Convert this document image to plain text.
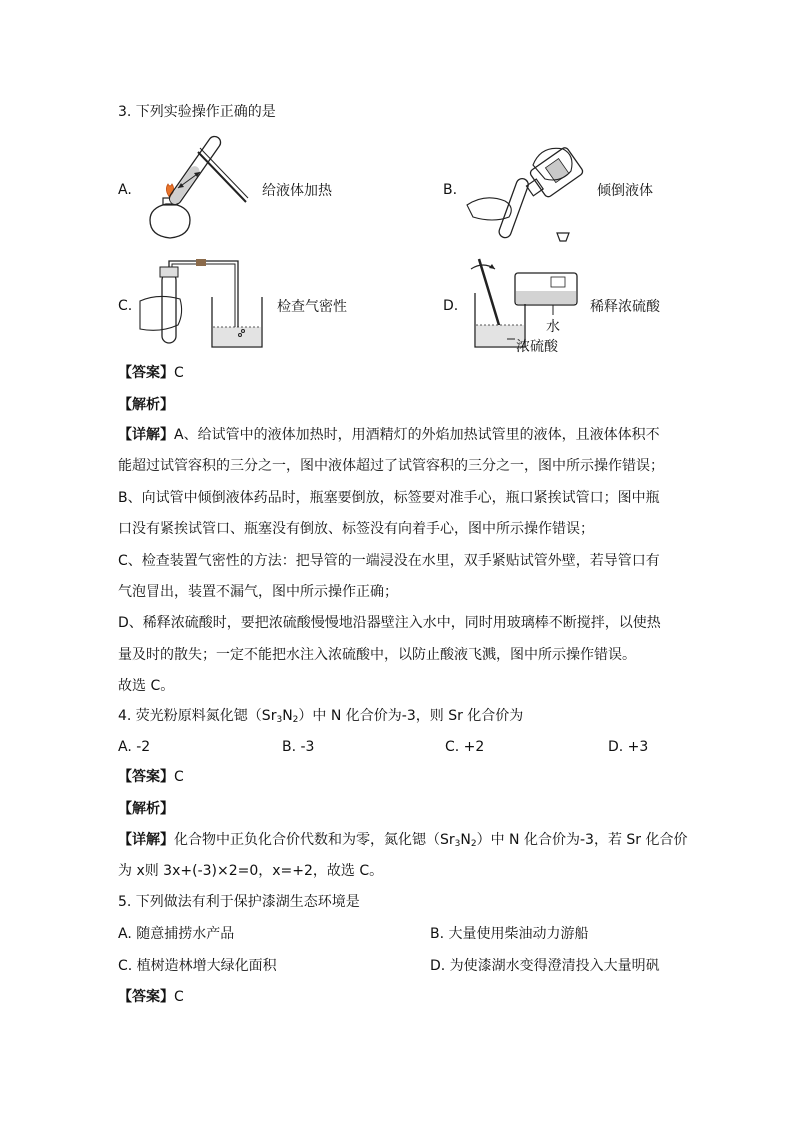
3. 下列实验操作正确的是
A.	给液体加热	B.	倾倒液体
C.	检查气密性	D.
水
浓硫酸
稀释浓硫酸
【答案】C
【解析】
【详解】A、给试管中的液体加热时，用酒精灯的外焰加热试管里的液体，且液体体积不
能超过试管容积的三分之一，图中液体超过了试管容积的三分之一，图中所示操作错误；
B、向试管中倾倒液体药品时，瓶塞要倒放，标签要对准手心，瓶口紧挨试管口；图中瓶
口没有紧挨试管口、瓶塞没有倒放、标签没有向着手心，图中所示操作错误；
C、检查装置气密性的方法：把导管的一端浸没在水里，双手紧贴试管外壁，若导管口有
气泡冒出，装置不漏气，图中所示操作正确；
D、稀释浓硫酸时，要把浓硫酸慢慢地沿器壁注入水中，同时用玻璃棒不断搅拌，以使热
量及时的散失；一定不能把水注入浓硫酸中，以防止酸液飞溅，图中所示操作错误。
故选 C。
4. 荧光粉原料氮化锶$(Sr_3N_2)$中 N 化合价为-3，则 Sr 化合价为
A. -2	B. -3	C. +2	D. +3
【答案】C
【解析】
【详解】化合物中正负化合价代数和为零，氮化锶$(Sr_3N_2)$中 N 化合价为-3，若 Sr 化合价
为 x则 3x+(-3)×2=0，x=+2，故选 C。
5. 下列做法有利于保护漆湖生态环境是
A. 随意捕捞水产品	B. 大量使用柴油动力游船
C. 植树造林增大绿化面积	D. 为使漆湖水变得澄清投入大量明矾
【答案】C
